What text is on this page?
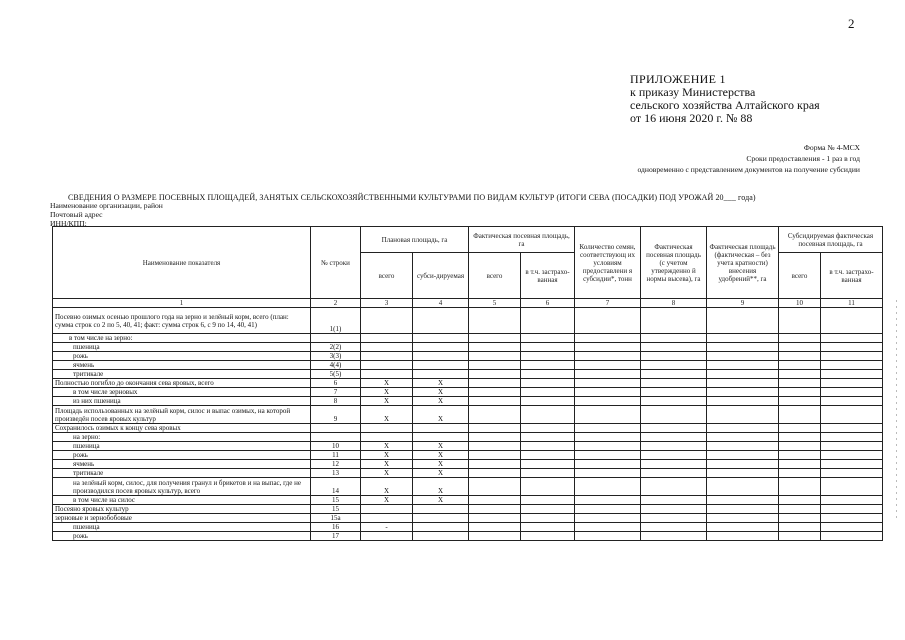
2
ПРИЛОЖЕНИЕ 1
к приказу Министерства
сельского хозяйства Алтайского края
от 16 июня 2020 г. № 88
Форма № 4-МСХ
Сроки предоставления - 1 раз в год
одновременно с представлением документов на получение субсидии
СВЕДЕНИЯ О РАЗМЕРЕ ПОСЕВНЫХ ПЛОЩАДЕЙ, ЗАНЯТЫХ СЕЛЬСКОХОЗЯЙСТВЕННЫМИ КУЛЬТУРАМИ ПО ВИДАМ КУЛЬТУР (ИТОГИ СЕВА (ПОСАДКИ) ПОД УРОЖАЙ 20___ года)
Наименование организации, район
Почтовый адрес
ИНН/КПП:
Наименование показателя	№ строки	Плановая площадь, га		Фактическая посевная площадь, га		Количество семян, соответствующ их условиям предоставлени я субсидии*, тонн	Фактическая посевная площадь (с учетом утвержденно й нормы высева), га	Фактическая площадь (фактическая – без учета кратности) внесения удобрений**, га	Субсидируемая фактическая посевная площадь, га	
		всего	субси-дируемая	всего	в т.ч. застрахо-ванная				всего	в т.ч. застрахо-ванная
1	2	3	4	5	6	7	8	9	10	11
Посевно озимых осенью прошлого года на зерно и зелёный корм, всего (план: сумма строк со 2 по 5, 40, 41; факт: сумма строк 6, с 9 по 14, 40, 41)	1(1)									
в том числе на зерно:										
пшеница	2(2)									
рожь	3(3)									
ячмень	4(4)									
тритикале	5(5)									
Полностью погибло до окончания сева яровых, всего	6	X	X							
в том числе зерновых	7	X	X							
из них пшеница	8	X	X							
Площадь использованных на зелёный корм, силос и выпас озимых, на которой произведён посев яровых культур	9	X	X							
Сохранилось озимых к концу сева яровых										
на зерно:										
пшеница	10	X	X							
рожь	11	X	X							
ячмень	12	X	X							
тритикале	13	X	X							
на зелёный корм, силос, для получения гранул и брикетов и на выпас, где не производился посев яровых культур, всего	14	X	X							
в том числе на силос	15	X	X							
Посеяно яровых культур	15									
зерновые и зернобобовые	15а									
пшеница	16	-								
рожь	17									
